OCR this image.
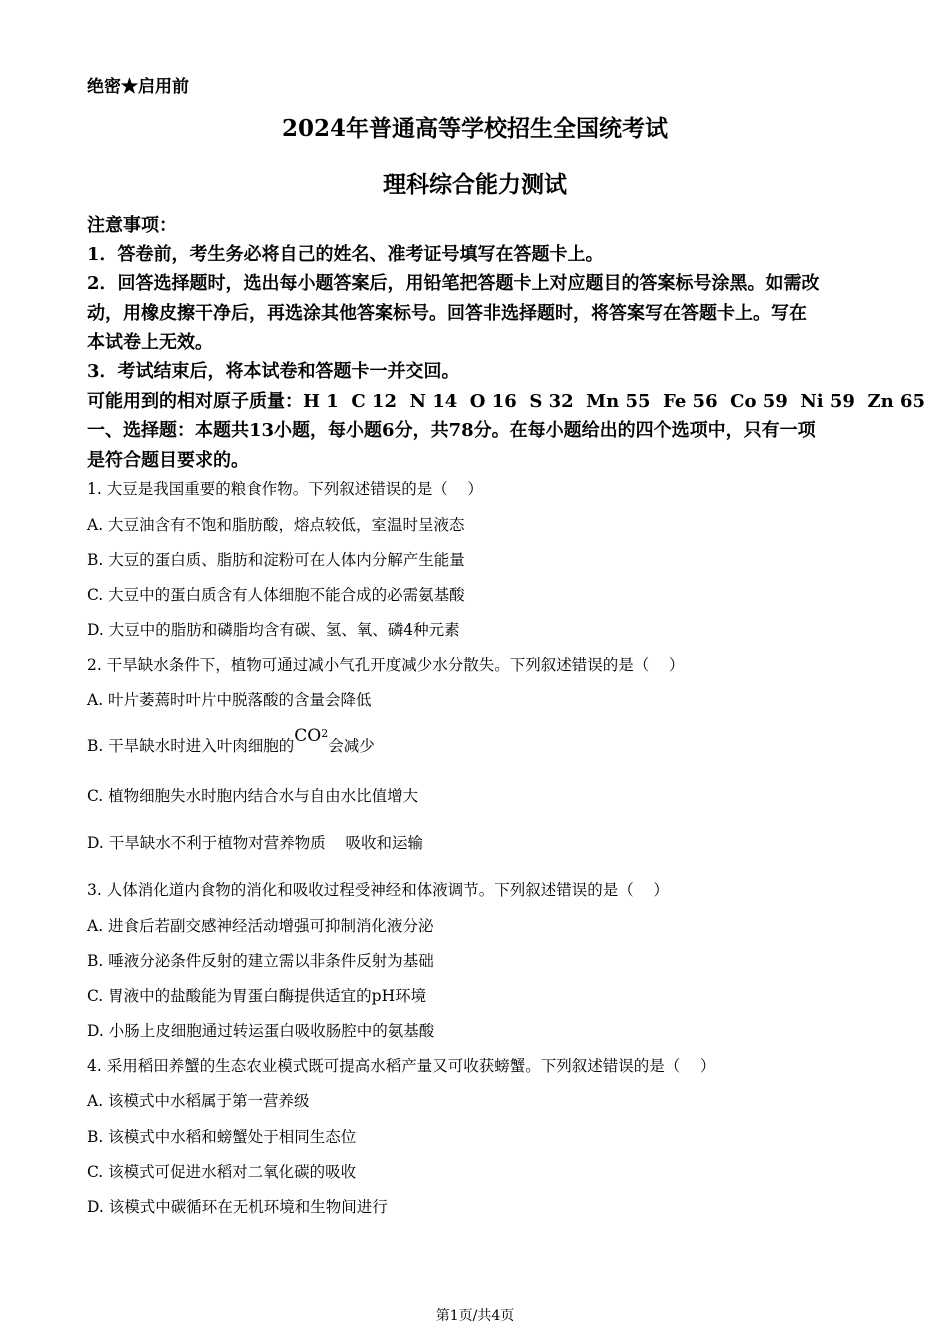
绝密★启用前
2024年普通高等学校招生全国统考试
理科综合能力测试
注意事项：
1．答卷前，考生务必将自己的姓名、准考证号填写在答题卡上。
2．回答选择题时，选出每小题答案后，用铅笔把答题卡上对应题目的答案标号涂黑。如需改
动，用橡皮擦干净后，再选涂其他答案标号。回答非选择题时，将答案写在答题卡上。写在
本试卷上无效。
3．考试结束后，将本试卷和答题卡一并交回。
可能用到的相对原子质量：H 1  C 12  N 14  O 16  S 32  Mn 55  Fe 56  Co 59  Ni 59  Zn 65
一、选择题：本题共13小题，每小题6分，共78分。在每小题给出的四个选项中，只有一项
是符合题目要求的。
1. 大豆是我国重要的粮食作物。下列叙述错误的是（    ）
A. 大豆油含有不饱和脂肪酸，熔点较低，室温时呈液态
B. 大豆的蛋白质、脂肪和淀粉可在人体内分解产生能量
C. 大豆中的蛋白质含有人体细胞不能合成的必需氨基酸
D. 大豆中的脂肪和磷脂均含有碳、氢、氧、磷4种元素
2. 干旱缺水条件下，植物可通过减小气孔开度减少水分散失。下列叙述错误的是（    ）
A. 叶片萎蔫时叶片中脱落酸的含量会降低
B. 干旱缺水时进入叶肉细胞的$CO^2$会减少
C. 植物细胞失水时胞内结合水与自由水比值增大
D. 干旱缺水不利于植物对营养物质    吸收和运输
3. 人体消化道内食物的消化和吸收过程受神经和体液调节。下列叙述错误的是（    ）
A. 进食后若副交感神经活动增强可抑制消化液分泌
B. 唾液分泌条件反射的建立需以非条件反射为基础
C. 胃液中的盐酸能为胃蛋白酶提供适宜的pH环境
D. 小肠上皮细胞通过转运蛋白吸收肠腔中的氨基酸
4. 采用稻田养蟹的生态农业模式既可提高水稻产量又可收获螃蟹。下列叙述错误的是（    ）
A. 该模式中水稻属于第一营养级
B. 该模式中水稻和螃蟹处于相同生态位
C. 该模式可促进水稻对二氧化碳的吸收
D. 该模式中碳循环在无机环境和生物间进行
第1页/共4页
